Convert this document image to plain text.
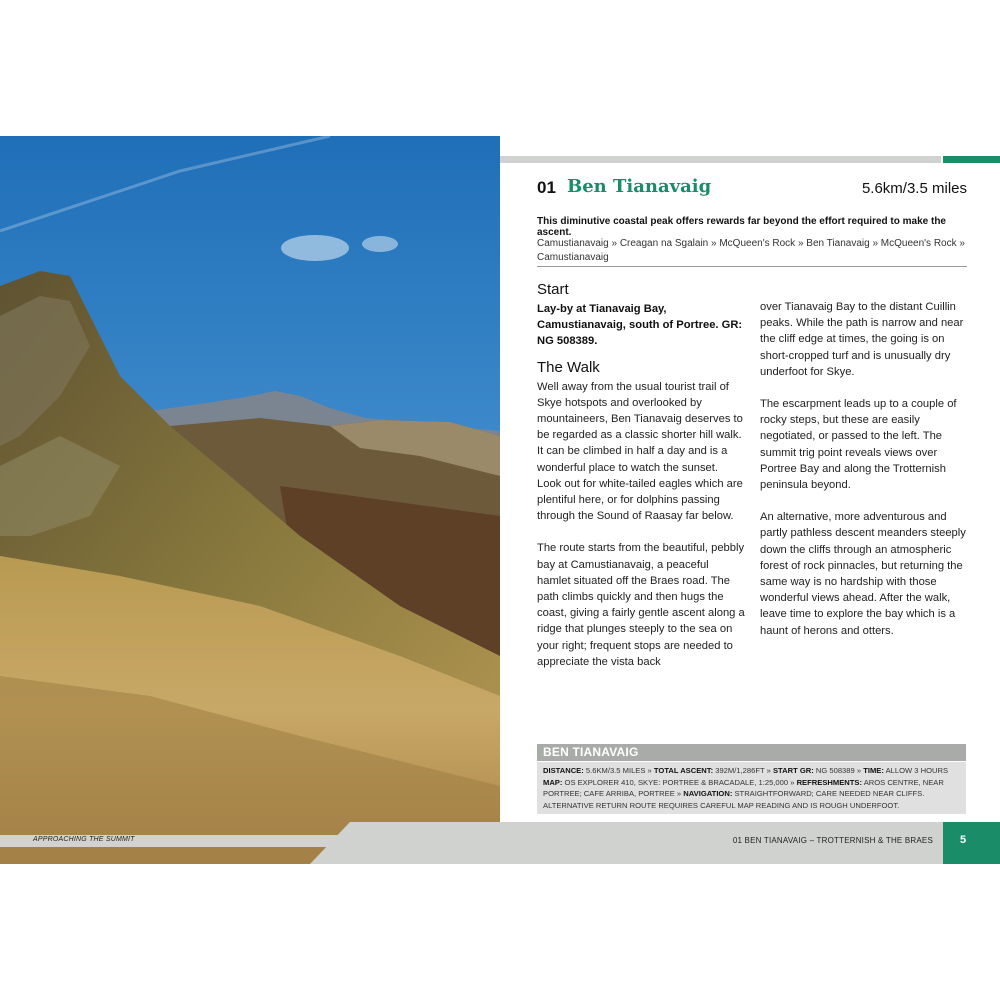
APPROACHING THE SUMMIT
01 Ben Tianavaig	5.6km/3.5 miles
This diminutive coastal peak offers rewards far beyond the effort required to make the ascent.
Camustianavaig » Creagan na Sgalain » McQueen's Rock » Ben Tianavaig » McQueen's Rock » Camustianavaig
Start

Lay-by at Tianavaig Bay, Camustianavaig, south of Portree. GR: NG 508389.

The Walk

Well away from the usual tourist trail of Skye hotspots and overlooked by mountaineers, Ben Tianavaig deserves to be regarded as a classic shorter hill walk. It can be climbed in half a day and is a wonderful place to watch the sunset. Look out for white-tailed eagles which are plentiful here, or for dolphins passing through the Sound of Raasay far below.

The route starts from the beautiful, pebbly bay at Camustianavaig, a peaceful hamlet situated off the Braes road. The path climbs quickly and then hugs the coast, giving a fairly gentle ascent along a ridge that plunges steeply to the sea on your right; frequent stops are needed to appreciate the vista back

over Tianavaig Bay to the distant Cuillin peaks. While the path is narrow and near the cliff edge at times, the going is on short-cropped turf and is unusually dry underfoot for Skye.

The escarpment leads up to a couple of rocky steps, but these are easily negotiated, or passed to the left. The summit trig point reveals views over Portree Bay and along the Trotternish peninsula beyond.

An alternative, more adventurous and partly pathless descent meanders steeply down the cliffs through an atmospheric forest of rock pinnacles, but returning the same way is no hardship with those wonderful views ahead. After the walk, leave time to explore the bay which is a haunt of herons and otters.

BEN TIANAVAIG
DISTANCE: 5.6KM/3.5 MILES » TOTAL ASCENT: 392M/1,286FT » START GR: NG 508389 » TIME: ALLOW 3 HOURS MAP: OS EXPLORER 410, SKYE: PORTREE & BRACADALE, 1:25,000 » REFRESHMENTS: AROS CENTRE, NEAR PORTREE; CAFE ARRIBA, PORTREE » NAVIGATION: STRAIGHTFORWARD; CARE NEEDED NEAR CLIFFS. ALTERNATIVE RETURN ROUTE REQUIRES CAREFUL MAP READING AND IS ROUGH UNDERFOOT.
01 BEN TIANAVAIG – TROTTERNISH & THE BRAES	5
